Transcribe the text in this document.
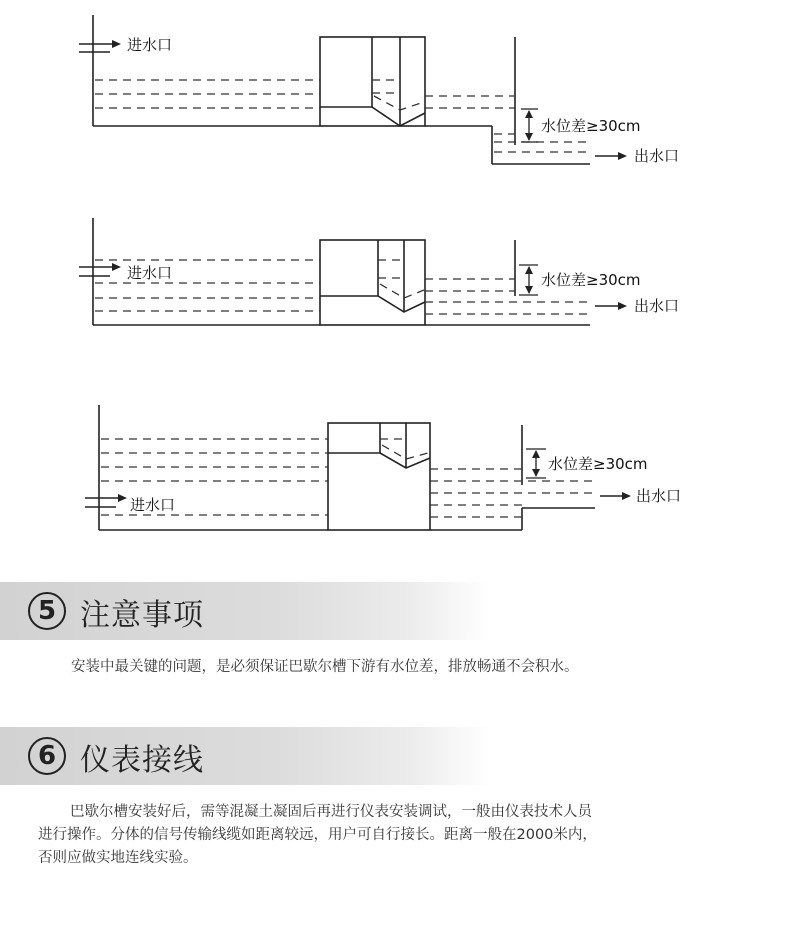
进水口
水位差≥30cm
出水口
进水口	水位差≥30cm
出水口
进水口
水位差≥30cm
出水口
5 注意事项
安装中最关键的问题，是必须保证巴歇尔槽下游有水位差，排放畅通不会积水。
6 仪表接线
巴歇尔槽安装好后，需等混凝土凝固后再进行仪表安装调试，一般由仪表技术人员
进行操作。分体的信号传输线缆如距离较远，用户可自行接长。距离一般在2000米内，
否则应做实地连线实验。
